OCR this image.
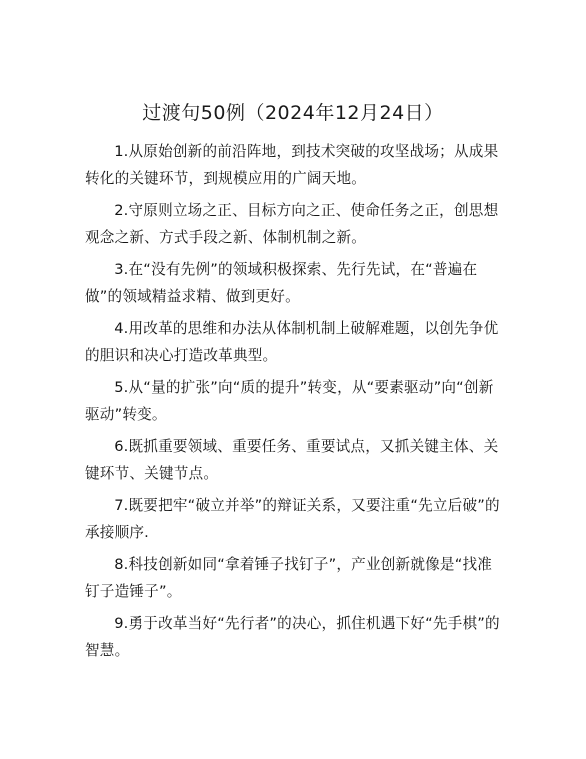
过渡句50例（2024年12月24日）
1.从原始创新的前沿阵地，到技术突破的攻坚战场；从成果转化的关键环节，到规模应用的广阔天地。
2.守原则立场之正、目标方向之正、使命任务之正，创思想观念之新、方式手段之新、体制机制之新。
3.在“没有先例”的领域积极探索、先行先试，在“普遍在做”的领域精益求精、做到更好。
4.用改革的思维和办法从体制机制上破解难题，以创先争优的胆识和决心打造改革典型。
5.从“量的扩张”向“质的提升”转变，从“要素驱动”向“创新驱动”转变。
6.既抓重要领域、重要任务、重要试点，又抓关键主体、关键环节、关键节点。
7.既要把牢“破立并举”的辩证关系，又要注重“先立后破”的承接顺序.
8.科技创新如同“拿着锤子找钉子”，产业创新就像是“找准钉子造锤子”。
9.勇于改革当好“先行者”的决心，抓住机遇下好“先手棋”的智慧。
